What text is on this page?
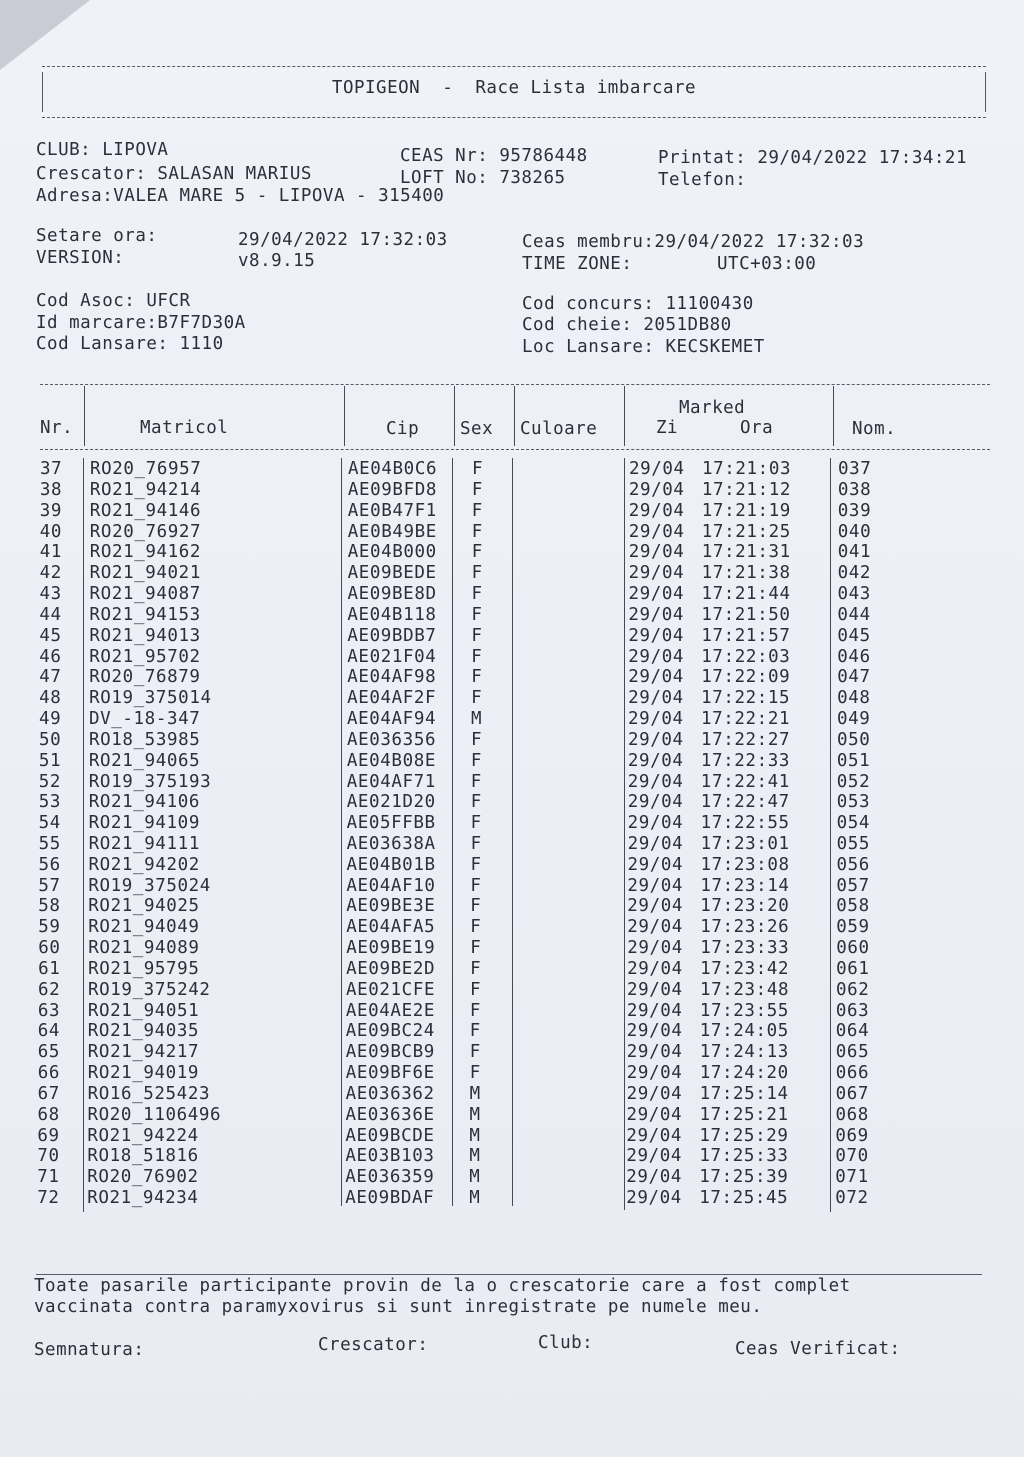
TOPIGEON  -  Race Lista imbarcare
CLUB: LIPOVA
Crescator: SALASAN MARIUS
Adresa:VALEA MARE 5 - LIPOVA - 315400
CEAS Nr: 95786448
LOFT No: 738265
Printat: 29/04/2022 17:34:21
Telefon:
Setare ora:	29/04/2022 17:32:03
VERSION:	v8.9.15
Ceas membru:29/04/2022 17:32:03
TIME ZONE:	UTC+03:00
Cod Asoc: UFCR
Id marcare:B7F7D30A
Cod Lansare: 1110
Cod concurs: 11100430
Cod cheie: 2051DB80
Loc Lansare: KECSKEMET
Nr.	Matricol	Cip Sex Culoare
Marked
Zi	Ora	Nom.
37 RO20_76957	AE04B0C6 F	29/04 17:21:03	037
38 RO21_94214	AE09BFD8 F	29/04 17:21:12	038
39 RO21_94146	AE0B47F1 F	29/04 17:21:19	039
40 RO20_76927	AE0B49BE F	29/04 17:21:25	040
41 RO21_94162	AE04B000 F	29/04 17:21:31	041
42 RO21_94021	AE09BEDE F	29/04 17:21:38	042
43 RO21_94087	AE09BE8D F	29/04 17:21:44	043
44 RO21_94153	AE04B118 F	29/04 17:21:50	044
45 RO21_94013	AE09BDB7 F	29/04 17:21:57	045
46 RO21_95702	AE021F04 F	29/04 17:22:03	046
47 RO20_76879	AE04AF98 F	29/04 17:22:09	047
48 RO19_375014	AE04AF2F F	29/04 17:22:15	048
49 DV_-18-347	AE04AF94 M	29/04 17:22:21	049
50 RO18_53985	AE036356 F	29/04 17:22:27	050
51 RO21_94065	AE04B08E F	29/04 17:22:33	051
52 RO19_375193	AE04AF71 F	29/04 17:22:41	052
53 RO21_94106	AE021D20 F	29/04 17:22:47	053
54 RO21_94109	AE05FFBB F	29/04 17:22:55	054
55 RO21_94111	AE03638A F	29/04 17:23:01	055
56 RO21_94202	AE04B01B F	29/04 17:23:08	056
57 RO19_375024	AE04AF10 F	29/04 17:23:14	057
58 RO21_94025	AE09BE3E F	29/04 17:23:20	058
59 RO21_94049	AE04AFA5 F	29/04 17:23:26	059
60 RO21_94089	AE09BE19 F	29/04 17:23:33	060
61 RO21_95795	AE09BE2D F	29/04 17:23:42	061
62 RO19_375242	AE021CFE F	29/04 17:23:48	062
63 RO21_94051	AE04AE2E F	29/04 17:23:55	063
64 RO21_94035	AE09BC24 F	29/04 17:24:05	064
65 RO21_94217	AE09BCB9 F	29/04 17:24:13	065
66 RO21_94019	AE09BF6E F	29/04 17:24:20	066
67 RO16_525423	AE036362 M	29/04 17:25:14	067
68 RO20_1106496	AE03636E M	29/04 17:25:21	068
69 RO21_94224	AE09BCDE M	29/04 17:25:29	069
70 RO18_51816	AE03B103 M	29/04 17:25:33	070
71 RO20_76902	AE036359 M	29/04 17:25:39	071
72 RO21_94234	AE09BDAF M	29/04 17:25:45	072
Toate pasarile participante provin de la o crescatorie care a fost complet
vaccinata contra paramyxovirus si sunt inregistrate pe numele meu.
Semnatura:	Crescator:	Club:	Ceas Verificat:
